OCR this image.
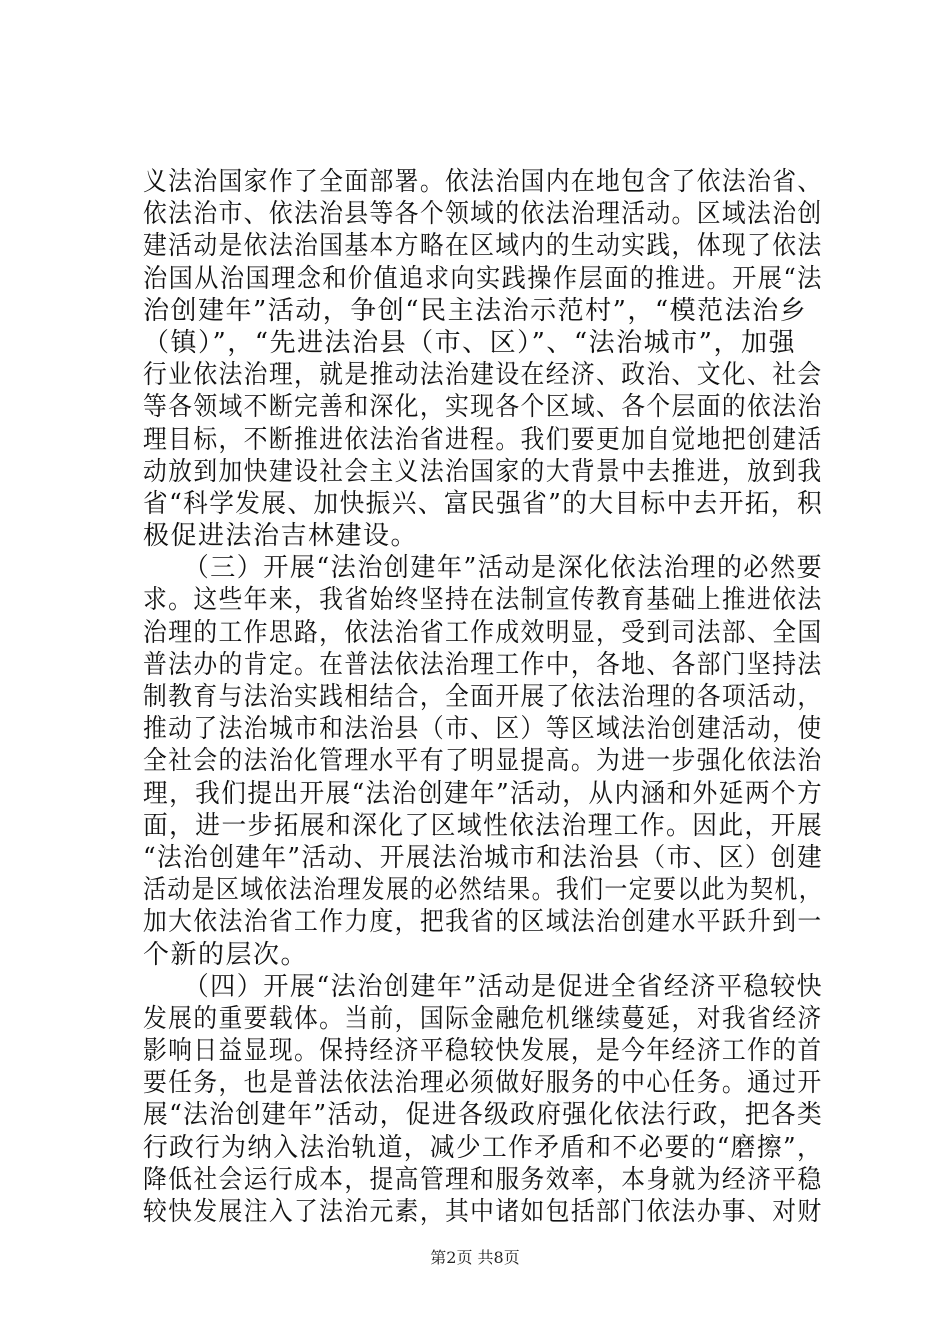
义法治国家作了全面部署。依法治国内在地包含了依法治省、
依法治市、依法治县等各个领域的依法治理活动。区域法治创
建活动是依法治国基本方略在区域内的生动实践，体现了依法
治国从治国理念和价值追求向实践操作层面的推进。开展“法
治创建年”活动，争创“民主法治示范村”，“模范法治乡
（镇）”，“先进法治县（市、区）”、“法治城市”，加强
行业依法治理，就是推动法治建设在经济、政治、文化、社会
等各领域不断完善和深化，实现各个区域、各个层面的依法治
理目标，不断推进依法治省进程。我们要更加自觉地把创建活
动放到加快建设社会主义法治国家的大背景中去推进，放到我
省“科学发展、加快振兴、富民强省”的大目标中去开拓，积
极促进法治吉林建设。
　　（三）开展“法治创建年”活动是深化依法治理的必然要
求。这些年来，我省始终坚持在法制宣传教育基础上推进依法
治理的工作思路，依法治省工作成效明显，受到司法部、全国
普法办的肯定。在普法依法治理工作中，各地、各部门坚持法
制教育与法治实践相结合，全面开展了依法治理的各项活动，
推动了法治城市和法治县（市、区）等区域法治创建活动，使
全社会的法治化管理水平有了明显提高。为进一步强化依法治
理，我们提出开展“法治创建年”活动，从内涵和外延两个方
面，进一步拓展和深化了区域性依法治理工作。因此，开展
“法治创建年”活动、开展法治城市和法治县（市、区）创建
活动是区域依法治理发展的必然结果。我们一定要以此为契机，
加大依法治省工作力度，把我省的区域法治创建水平跃升到一
个新的层次。
　　（四）开展“法治创建年”活动是促进全省经济平稳较快
发展的重要载体。当前，国际金融危机继续蔓延，对我省经济
影响日益显现。保持经济平稳较快发展，是今年经济工作的首
要任务，也是普法依法治理必须做好服务的中心任务。通过开
展“法治创建年”活动，促进各级政府强化依法行政，把各类
行政行为纳入法治轨道，减少工作矛盾和不必要的“磨擦”，
降低社会运行成本，提高管理和服务效率，本身就为经济平稳
较快发展注入了法治元素，其中诸如包括部门依法办事、对财
第2页 共8页
